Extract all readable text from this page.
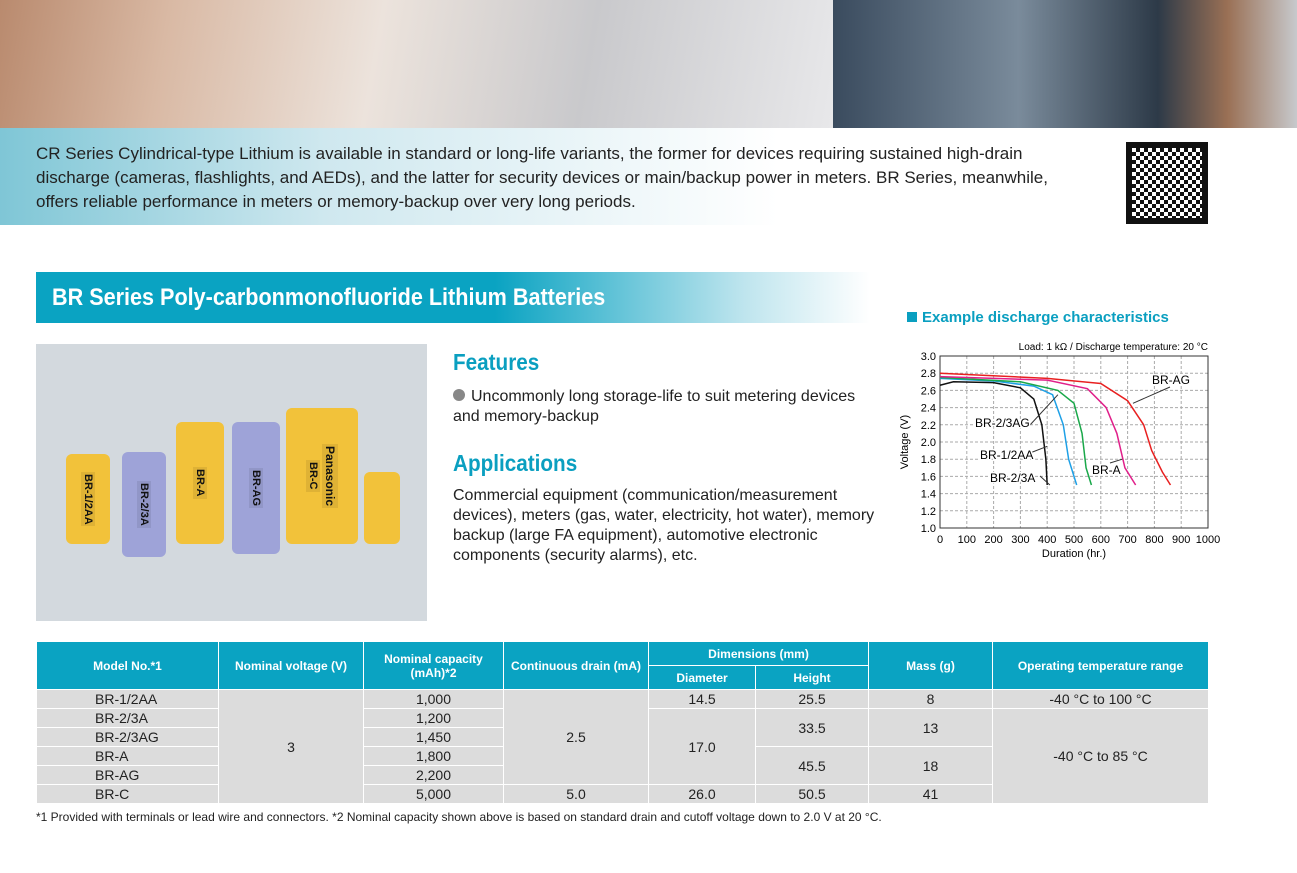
CR Series Cylindrical-type Lithium is available in standard or long-life variants, the former for devices requiring sustained high-drain discharge (cameras, flashlights, and AEDs), and the latter for security devices or main/backup power in meters. BR Series, meanwhile, offers reliable performance in meters or memory-backup over very long periods.

BR Series Poly-carbonmonofluoride Lithium Batteries
BR-1/2AA	BR-2/3A
BR-A	BR-AG	BR-C Panasonic
Features
Uncommonly long storage-life to suit metering devices and memory-backup
Applications
Commercial equipment (communication/measurement devices), meters (gas, water, electricity, hot water), memory backup (large FA equipment), automotive electronic components (security alarms), etc.
Example discharge characteristics
0 100 200 300 400 500 600 700 800 900 1000
1.0
1.2
1.4
1.6
1.8
2.0
2.2
2.4
2.6
2.8
3.0
Load: 1 kΩ / Discharge temperature: 20 °C
Duration (hr.)
Voltage (V)
BR-2/3A
BR-1/2AA
BR-2/3AG
BR-A
BR-AG
Model No.*1	Nominal voltage (V)	Nominal capacity (mAh)*2	Continuous drain (mA)	Dimensions (mm)		Mass (g)	Operating temperature range
				Diameter	Height		
BR-1/2AA	3	1,000	2.5	14.5	25.5	8	-40 °C to 100 °C
BR-2/3A		1,200		17.0	33.5	13	-40 °C to 85 °C
BR-2/3AG		1,450					
BR-A		1,800			45.5	18	
BR-AG		2,200					
BR-C		5,000	5.0	26.0	50.5	41	
*1 Provided with terminals or lead wire and connectors. *2 Nominal capacity shown above is based on standard drain and cutoff voltage down to 2.0 V at 20 °C.
